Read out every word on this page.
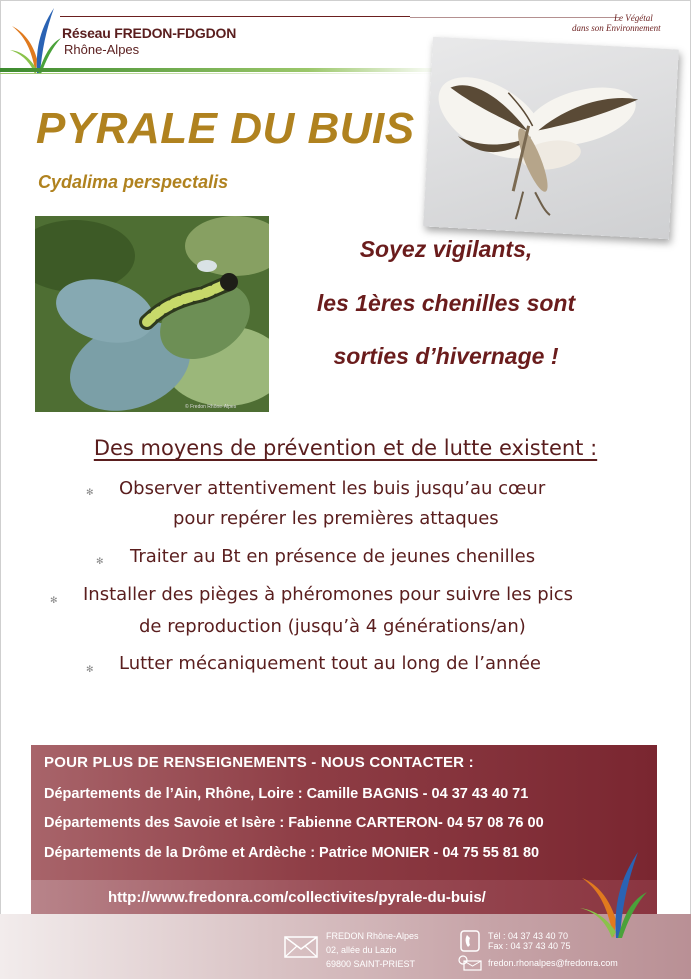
Réseau FREDON-FDGDON
Rhône-Alpes
Le Végétal
dans son Environnement
PYRALE DU BUIS
Cydalima perspectalis
© Fredon Rhône-Alpes
Soyez vigilants,
les 1ères chenilles sont
sorties d’hivernage !
Des moyens de prévention et de lutte existent :
✻ Observer attentivement les buis jusqu’au cœur
pour repérer les premières attaques
✻ Traiter au Bt en présence de jeunes chenilles
✻ Installer des pièges à phéromones pour suivre les pics
de reproduction (jusqu’à 4 générations/an)
✻ Lutter mécaniquement tout au long de l’année
POUR PLUS DE RENSEIGNEMENTS - NOUS CONTACTER :
Départements de l’Ain, Rhône, Loire : Camille BAGNIS - 04 37 43 40 71
Départements des Savoie et Isère : Fabienne CARTERON- 04 57 08 76 00
Départements de la Drôme et Ardèche : Patrice MONIER - 04 75 55 81 80
http://www.fredonra.com/collectivites/pyrale-du-buis/
FREDON Rhône-Alpes
02, allée du Lazio
69800 SAINT-PRIEST
Tél : 04 37 43 40 70
Fax : 04 37 43 40 75
fredon.rhonalpes@fredonra.com
